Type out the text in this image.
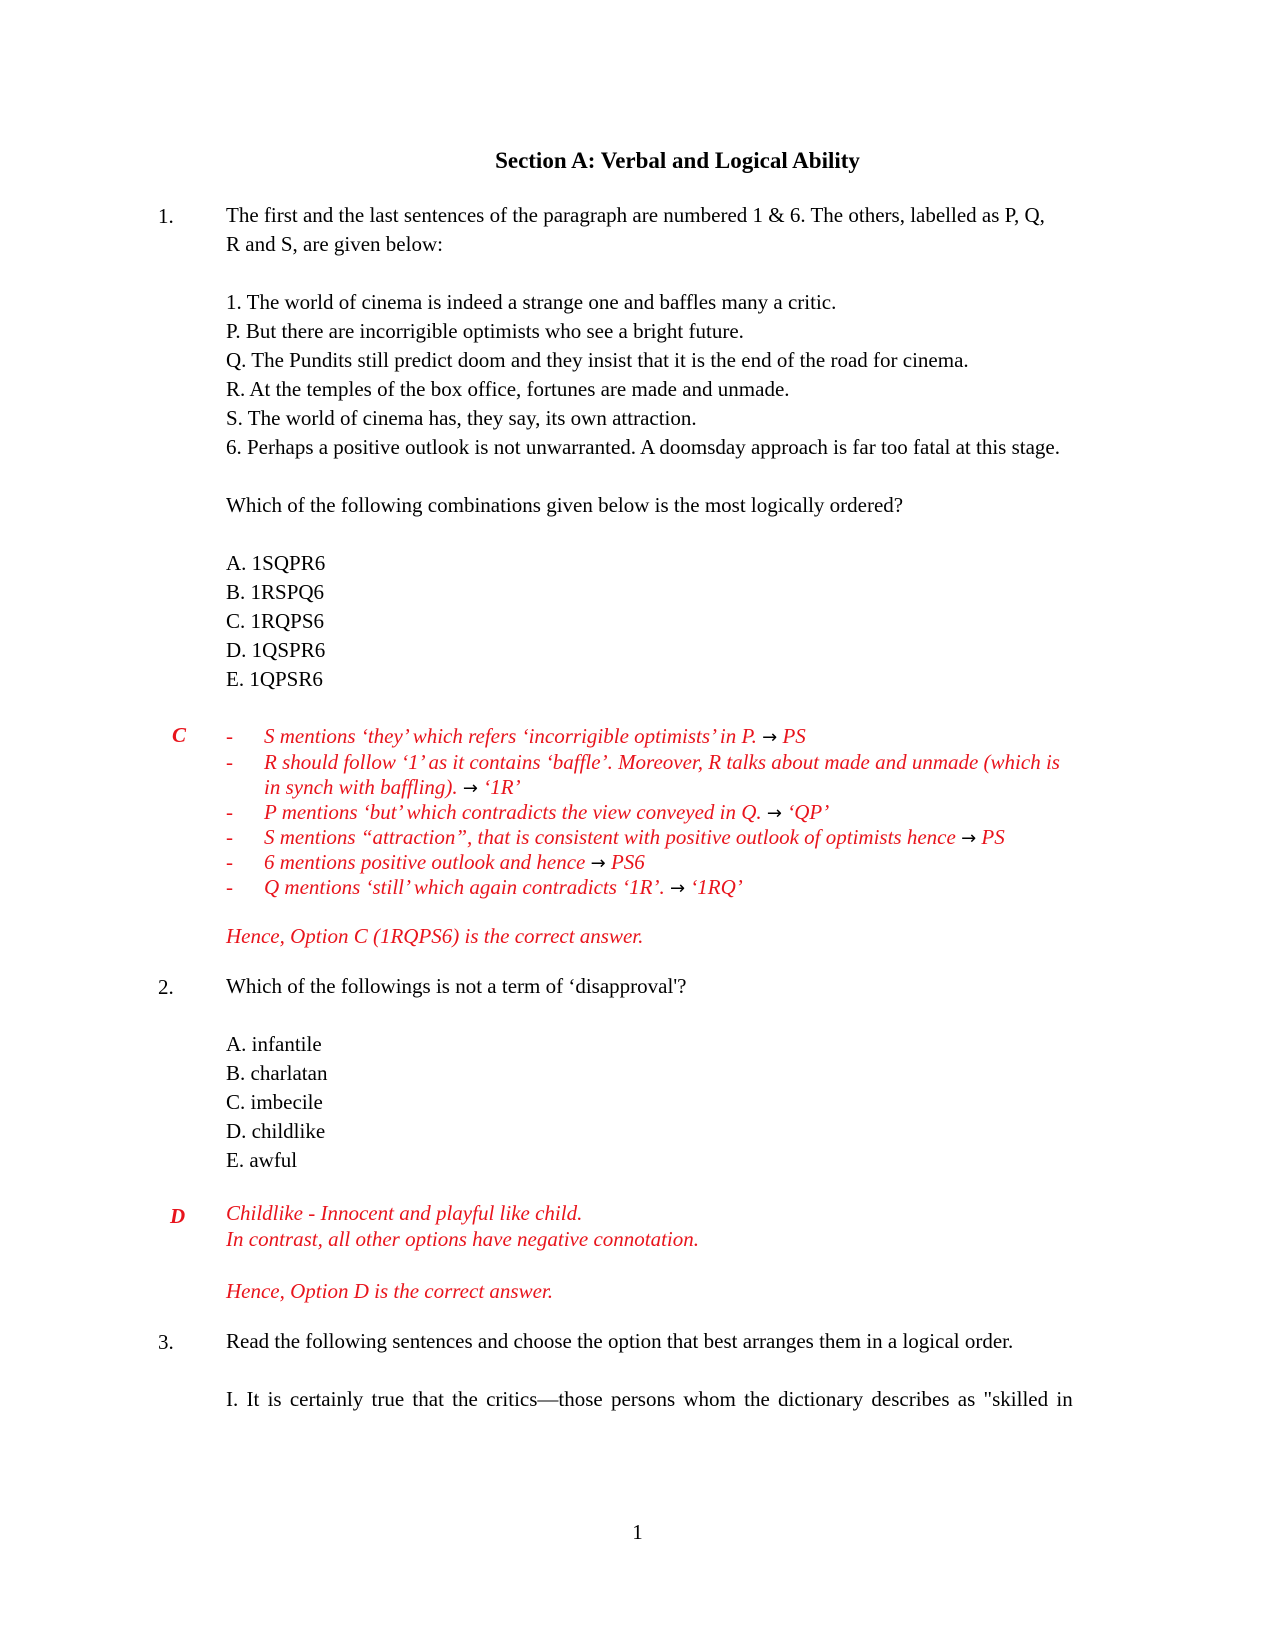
Section A: Verbal and Logical Ability
1. The first and the last sentences of the paragraph are numbered 1 & 6. The others, labelled as P, Q,
R and S, are given below:
1. The world of cinema is indeed a strange one and baffles many a critic.
P. But there are incorrigible optimists who see a bright future.
Q. The Pundits still predict doom and they insist that it is the end of the road for cinema.
R. At the temples of the box office, fortunes are made and unmade.
S. The world of cinema has, they say, its own attraction.
6. Perhaps a positive outlook is not unwarranted. A doomsday approach is far too fatal at this stage.
Which of the following combinations given below is the most logically ordered?
A. 1SQPR6
B. 1RSPQ6
C. 1RQPS6
D. 1QSPR6
E. 1QPSR6
C - S mentions ‘they’ which refers ‘incorrigible optimists’ in P. → PS
- R should follow ‘1’ as it contains ‘baffle’. Moreover, R talks about made and unmade (which is
in synch with baffling). → ‘1R’
- P mentions ‘but’ which contradicts the view conveyed in Q. → ‘QP’
- S mentions “attraction”, that is consistent with positive outlook of optimists hence → PS
- 6 mentions positive outlook and hence → PS6
- Q mentions ‘still’ which again contradicts ‘1R’. → ‘1RQ’
Hence, Option C (1RQPS6) is the correct answer.
2. Which of the followings is not a term of ‘disapproval'?
A. infantile
B. charlatan
C. imbecile
D. childlike
E. awful
D Childlike - Innocent and playful like child.
In contrast, all other options have negative connotation.
Hence, Option D is the correct answer.
3. Read the following sentences and choose the option that best arranges them in a logical order.
I. It is certainly true that the critics—those persons whom the dictionary describes as "skilled in
1
